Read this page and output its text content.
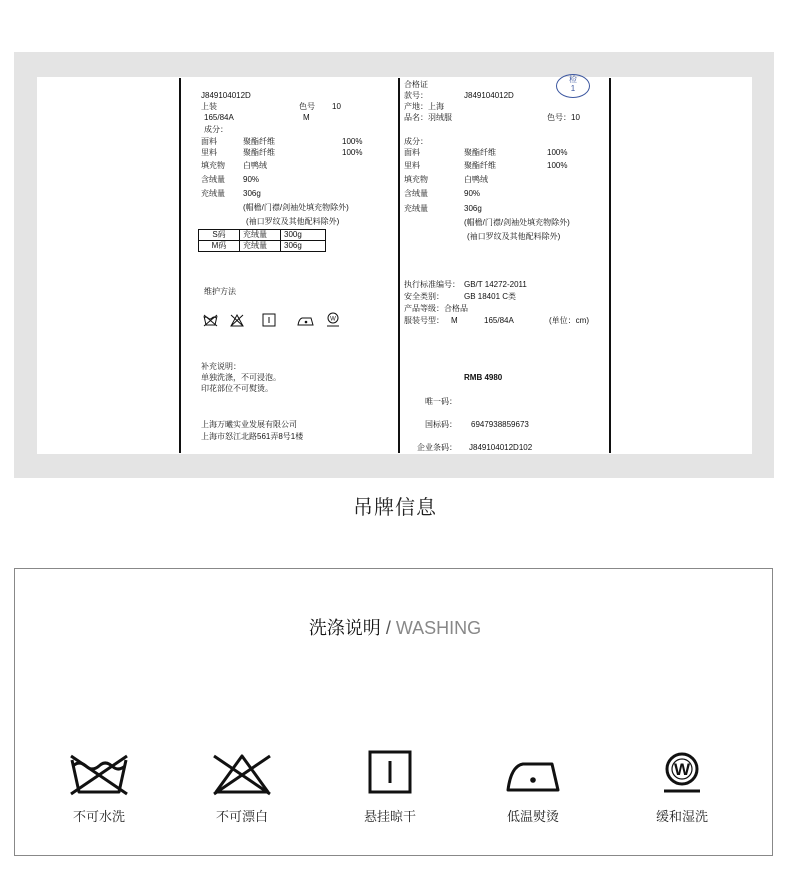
J849104012D
上装	色号 10
165/84A	M
成分：
面料	聚酯纤维	100%
里料	聚酯纤维	100%
填充物 白鸭绒
含绒量 90%
充绒量 306g
(帽檐/门襟/剑袖处填充物除外)
(袖口罗纹及其他配料除外)
S码	充绒量	300g
M码	充绒量	306g
维护方法
W
补充说明：
单独洗涤，不可浸泡。
印花部位不可熨烫。
上海万曦实业发展有限公司
上海市怒江北路561弄8号1楼
合格证
检
1
款号：	J849104012D
产地：上海
品名：羽绒服	色号：10
成分：
面料	聚酯纤维	100%
里料	聚酯纤维	100%
填充物	白鸭绒
含绒量	90%
充绒量	306g
(帽檐/门襟/剑袖处填充物除外)
(袖口罗纹及其他配料除外)
执行标准编号： GB/T 14272-2011
安全类别：	GB 18401 C类
产品等级：合格品
服装号型： M	165/84A	(单位：cm)
RMB 4980
唯一码：
国标码： 6947938859673
企业条码： J849104012D102
吊牌信息
洗涤说明 / WASHING
不可水洗	不可漂白	悬挂晾干	低温熨烫
W
缓和湿洗
